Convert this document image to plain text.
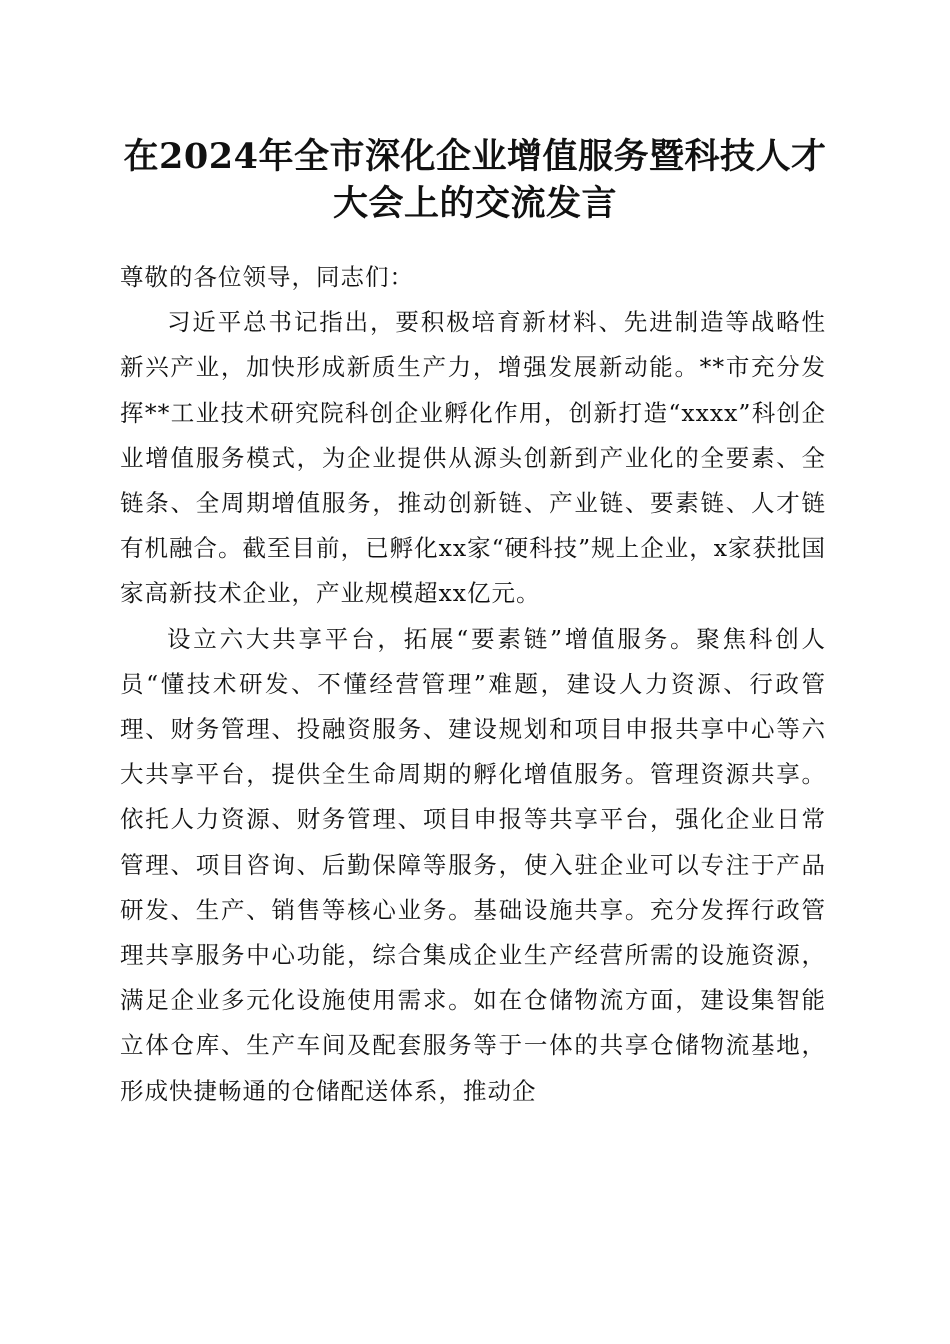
在2024年全市深化企业增值服务暨科技人才
大会上的交流发言

尊敬的各位领导，同志们：

习近平总书记指出，要积极培育新材料、先进制造等战略性新兴产业，加快形成新质生产力，增强发展新动能。**市充分发挥**工业技术研究院科创企业孵化作用，创新打造“xxxx”科创企业增值服务模式，为企业提供从源头创新到产业化的全要素、全链条、全周期增值服务，推动创新链、产业链、要素链、人才链有机融合。截至目前，已孵化xx家“硬科技”规上企业，x家获批国家高新技术企业，产业规模超xx亿元。

设立六大共享平台，拓展“要素链”增值服务。聚焦科创人员“懂技术研发、不懂经营管理”难题，建设人力资源、行政管理、财务管理、投融资服务、建设规划和项目申报共享中心等六大共享平台，提供全生命周期的孵化增值服务。管理资源共享。依托人力资源、财务管理、项目申报等共享平台，强化企业日常管理、项目咨询、后勤保障等服务，使入驻企业可以专注于产品研发、生产、销售等核心业务。基础设施共享。充分发挥行政管理共享服务中心功能，综合集成企业生产经营所需的设施资源，满足企业多元化设施使用需求。如在仓储物流方面，建设集智能立体仓库、生产车间及配套服务等于一体的共享仓储物流基地，形成快捷畅通的仓储配送体系，推动企
